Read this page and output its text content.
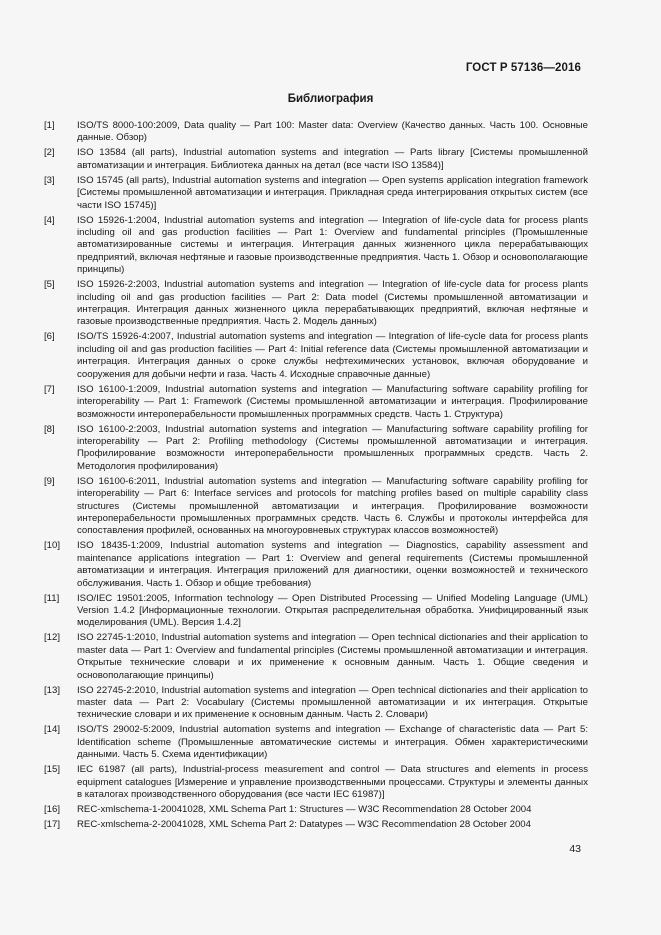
ГОСТ Р 57136—2016
Библиография
[1]	ISO/TS 8000-100:2009, Data quality — Part 100: Master data: Overview (Качество данных. Часть 100. Основные данные. Обзор)
[2]	ISO 13584 (all parts), Industrial automation systems and integration — Parts library [Системы промышленной автоматизации и интеграция. Библиотека данных на детал (все части ISO 13584)]
[3]	ISO 15745 (all parts), Industrial automation systems and integration — Open systems application integration framework [Системы промышленной автоматизации и интеграция. Прикладная среда интегрирования открытых систем (все части ISO 15745)]
[4]	ISO 15926-1:2004, Industrial automation systems and integration — Integration of life-cycle data for process plants including oil and gas production facilities — Part 1: Overview and fundamental principles (Промышленные автоматизированные системы и интеграция. Интеграция данных жизненного цикла перерабатывающих предприятий, включая нефтяные и газовые производственные предприятия. Часть 1. Обзор и основополагающие принципы)
[5]	ISO 15926-2:2003, Industrial automation systems and integration — Integration of life-cycle data for process plants including oil and gas production facilities — Part 2: Data model (Системы промышленной автоматизации и интеграция. Интеграция данных жизненного цикла перерабатывающих предприятий, включая нефтяные и газовые производственные предприятия. Часть 2. Модель данных)
[6]	ISO/TS 15926-4:2007, Industrial automation systems and integration — Integration of life-cycle data for process plants including oil and gas production facilities — Part 4: Initial reference data (Системы промышленной автоматизации и интеграция. Интеграция данных о сроке службы нефтехимических установок, включая оборудование и сооружения для добычи нефти и газа. Часть 4. Исходные справочные данные)
[7]	ISO 16100-1:2009, Industrial automation systems and integration — Manufacturing software capability profiling for interoperability — Part 1: Framework (Системы промышленной автоматизации и интеграция. Профилирование возможности интероперабельности промышленных программных средств. Часть 1. Структура)
[8]	ISO 16100-2:2003, Industrial automation systems and integration — Manufacturing software capability profiling for interoperability — Part 2: Profiling methodology (Системы промышленной автоматизации и интеграция. Профилирование возможности интероперабельности промышленных программных средств. Часть 2. Методология профилирования)
[9]	ISO 16100-6:2011, Industrial automation systems and integration — Manufacturing software capability profiling for interoperability — Part 6: Interface services and protocols for matching profiles based on multiple capability class structures (Системы промышленной автоматизации и интеграция. Профилирование возможности интероперабельности промышленных программных средств. Часть 6. Службы и протоколы интерфейса для сопоставления профилей, основанных на многоуровневых структурах классов возможностей)
[10]	ISO 18435-1:2009, Industrial automation systems and integration — Diagnostics, capability assessment and maintenance applications integration — Part 1: Overview and general requirements (Системы промышленной автоматизации и интеграция. Интеграция приложений для диагностики, оценки возможностей и технического обслуживания. Часть 1. Обзор и общие требования)
[11]	ISO/IEC 19501:2005, Information technology — Open Distributed Processing — Unified Modeling Language (UML) Version 1.4.2 [Информационные технологии. Открытая распределительная обработка. Унифицированный язык моделирования (UML). Версия 1.4.2]
[12]	ISO 22745-1:2010, Industrial automation systems and integration — Open technical dictionaries and their application to master data — Part 1: Overview and fundamental principles (Системы промышленной автоматизации и интеграция. Открытые технические словари и их применение к основным данным. Часть 1. Общие сведения и основополагающие принципы)
[13]	ISO 22745-2:2010, Industrial automation systems and integration — Open technical dictionaries and their application to master data — Part 2: Vocabulary (Системы промышленной автоматизации и их интеграция. Открытые технические словари и их применение к основным данным. Часть 2. Словари)
[14]	ISO/TS 29002-5:2009, Industrial automation systems and integration — Exchange of characteristic data — Part 5: Identification scheme (Промышленные автоматические системы и интеграция. Обмен характеристическими данными. Часть 5. Схема идентификации)
[15]	IEC 61987 (all parts), Industrial-process measurement and control — Data structures and elements in process equipment catalogues [Измерение и управление производственными процессами. Структуры и элементы данных в каталогах производственного оборудования (все части IEC 61987)]
[16]	REC-xmlschema-1-20041028, XML Schema Part 1: Structures — W3C Recommendation 28 October 2004
[17]	REC-xmlschema-2-20041028, XML Schema Part 2: Datatypes — W3C Recommendation 28 October 2004
43
